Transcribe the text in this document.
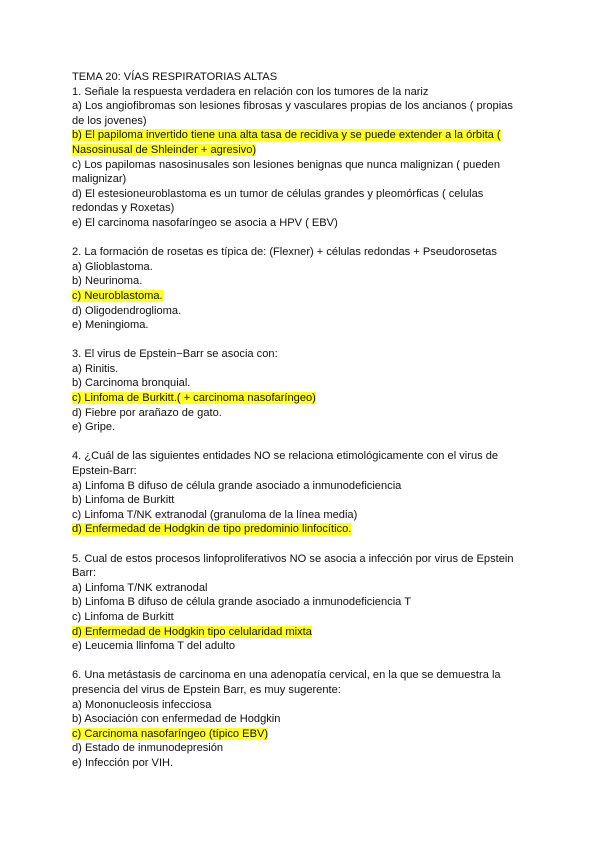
TEMA 20: VÍAS RESPIRATORIAS ALTAS
1. Señale la respuesta verdadera en relación con los tumores de la nariz
a) Los angiofibromas son lesiones fibrosas y vasculares propias de los ancianos ( propias
de los jovenes)
b) El papiloma invertido tiene una alta tasa de recidiva y se puede extender a la órbita (
Nasosinusal de Shleinder + agresivo)
c) Los papilomas nasosinusales son lesiones benignas que nunca malignizan ( pueden
malignizar)
d) El estesioneuroblastoma es un tumor de células grandes y pleomórficas ( celulas
redondas y Roxetas)
e) El carcinoma nasofaríngeo se asocia a HPV ( EBV)
2. La formación de rosetas es típica de: (Flexner) + células redondas + Pseudorosetas
a) Glioblastoma.
b) Neurinoma.
c) Neuroblastoma.
d) Oligodendroglioma.
e) Meningioma.
3. El virus de Epstein−Barr se asocia con:
a) Rinitis.
b) Carcinoma bronquial.
c) Linfoma de Burkitt.( + carcinoma nasofaríngeo)
d) Fiebre por arañazo de gato.
e) Gripe.
4. ¿Cuál de las siguientes entidades NO se relaciona etimológicamente con el virus de
Epstein-Barr:
a) Linfoma B difuso de célula grande asociado a inmunodeficiencia
b) Linfoma de Burkitt
c) Linfoma T/NK extranodal (granuloma de la línea media)
d) Enfermedad de Hodgkin de tipo predominio linfocítico.
5. Cual de estos procesos linfoproliferativos NO se asocia a infección por virus de Epstein
Barr:
a) Linfoma T/NK extranodal
b) Linfoma B difuso de célula grande asociado a inmunodeficiencia T
c) Linfoma de Burkitt
d) Enfermedad de Hodgkin tipo celularidad mixta
e) Leucemia llinfoma T del adulto
6. Una metástasis de carcinoma en una adenopatía cervical, en la que se demuestra la
presencia del virus de Epstein Barr, es muy sugerente:
a) Mononucleosis infecciosa
b) Asociación con enfermedad de Hodgkin
c) Carcinoma nasofaríngeo (típico EBV)
d) Estado de inmunodepresión
e) Infección por VIH.
